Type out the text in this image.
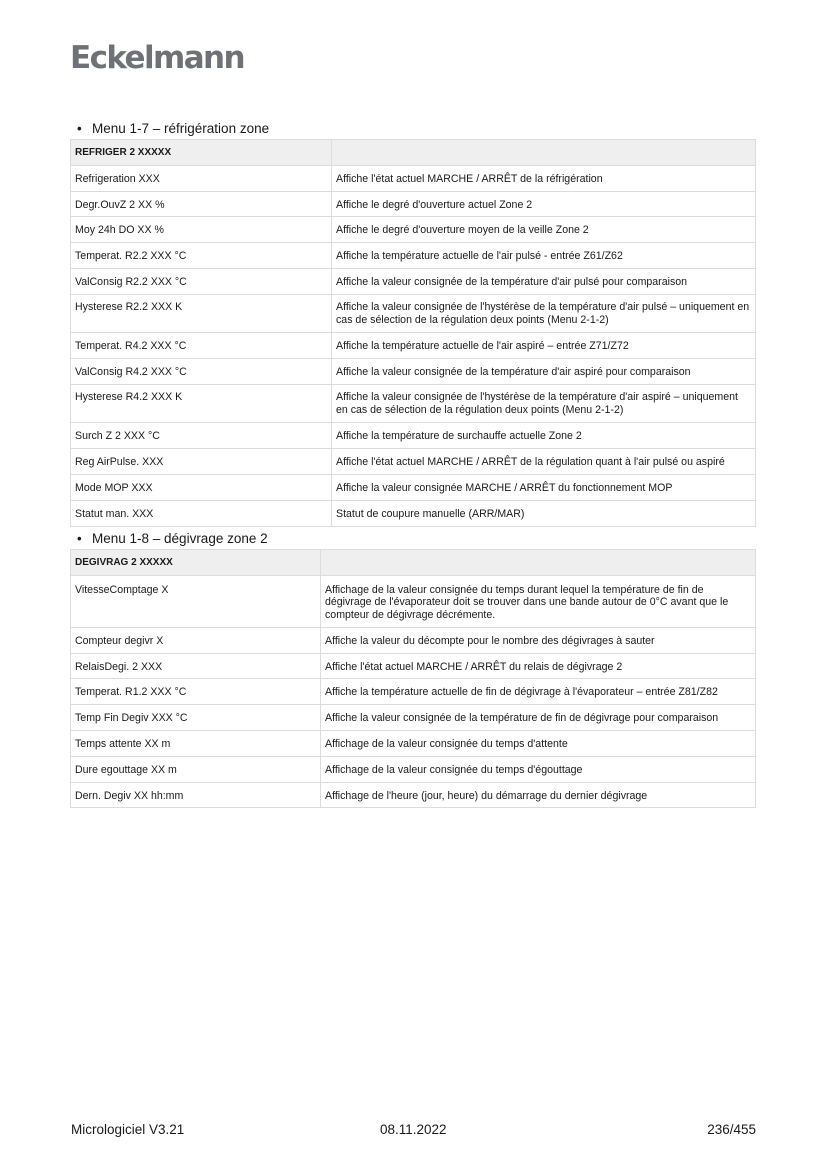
Eckelmann
• Menu 1-7 – réfrigération zone
REFRIGER 2 XXXXX	
Refrigeration XXX	Affiche l'état actuel MARCHE / ARRÊT de la réfrigération
Degr.OuvZ 2 XX %	Affiche le degré d'ouverture actuel Zone 2
Moy 24h DO XX %	Affiche le degré d'ouverture moyen de la veille Zone 2
Temperat. R2.2 XXX °C	Affiche la température actuelle de l'air pulsé - entrée Z61/Z62
ValConsig R2.2 XXX °C	Affiche la valeur consignée de la température d'air pulsé pour comparaison
Hysterese R2.2 XXX K	Affiche la valeur consignée de l'hystérèse de la température d'air pulsé – uniquement en cas de sélection de la régulation deux points (Menu 2-1-2)
Temperat. R4.2 XXX °C	Affiche la température actuelle de l'air aspiré – entrée Z71/Z72
ValConsig R4.2 XXX °C	Affiche la valeur consignée de la température d'air aspiré pour comparaison
Hysterese R4.2 XXX K	Affiche la valeur consignée de l'hystérèse de la température d'air aspiré – uniquement en cas de sélection de la régulation deux points (Menu 2-1-2)
Surch Z 2 XXX °C	Affiche la température de surchauffe actuelle Zone 2
Reg AirPulse. XXX	Affiche l'état actuel MARCHE / ARRÊT de la régulation quant à l'air pulsé ou aspiré
Mode MOP XXX	Affiche la valeur consignée MARCHE / ARRÊT du fonctionnement MOP
Statut man. XXX	Statut de coupure manuelle (ARR/MAR)
• Menu 1-8 – dégivrage zone 2
DEGIVRAG 2 XXXXX	
VitesseComptage X	Affichage de la valeur consignée du temps durant lequel la température de fin de dégivrage de l'évaporateur doit se trouver dans une bande autour de 0°C avant que le compteur de dégivrage décrémente.
Compteur degivr X	Affiche la valeur du décompte pour le nombre des dégivrages à sauter
RelaisDegi. 2 XXX	Affiche l'état actuel MARCHE / ARRÊT du relais de dégivrage 2
Temperat. R1.2 XXX °C	Affiche la température actuelle de fin de dégivrage à l'évaporateur – entrée Z81/Z82
Temp Fin Degiv XXX °C	Affiche la valeur consignée de la température de fin de dégivrage pour comparaison
Temps attente XX m	Affichage de la valeur consignée du temps d'attente
Dure egouttage XX m	Affichage de la valeur consignée du temps d'égouttage
Dern. Degiv XX hh:mm	Affichage de l'heure (jour, heure) du démarrage du dernier dégivrage
Micrologiciel V3.21	08.11.2022	236/455
